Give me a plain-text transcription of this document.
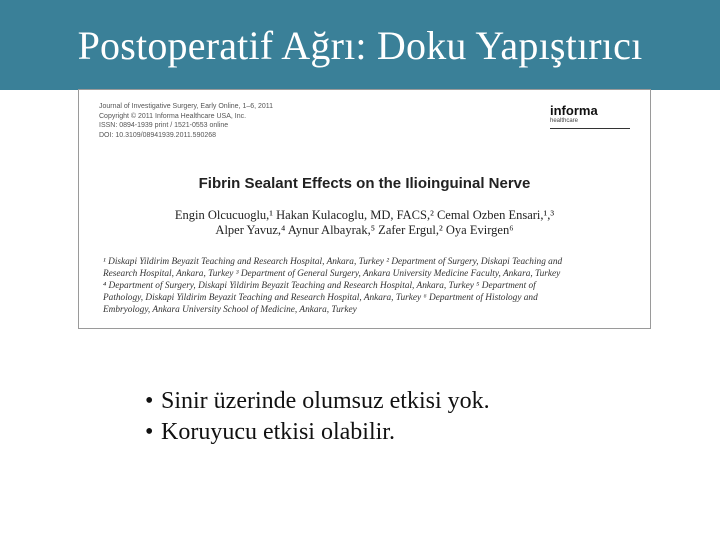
Postoperatif Ağrı: Doku Yapıştırıcı
Journal of Investigative Surgery, Early Online, 1–6, 2011
Copyright © 2011 Informa Healthcare USA, Inc.
ISSN: 0894-1939 print / 1521-0553 online
DOI: 10.3109/08941939.2011.590268
informa
healthcare
Fibrin Sealant Effects on the Ilioinguinal Nerve
Engin Olcucuoglu,¹ Hakan Kulacoglu, MD, FACS,² Cemal Ozben Ensari,¹,³
Alper Yavuz,⁴ Aynur Albayrak,⁵ Zafer Ergul,² Oya Evirgen⁶
¹ Diskapi Yildirim Beyazit Teaching and Research Hospital, Ankara, Turkey ² Department of Surgery, Diskapi Teaching and
Research Hospital, Ankara, Turkey ³ Department of General Surgery, Ankara University Medicine Faculty, Ankara, Turkey
⁴ Department of Surgery, Diskapi Yildirim Beyazit Teaching and Research Hospital, Ankara, Turkey ⁵ Department of
Pathology, Diskapi Yildirim Beyazit Teaching and Research Hospital, Ankara, Turkey ⁶ Department of Histology and
Embryology, Ankara University School of Medicine, Ankara, Turkey
• Sinir üzerinde olumsuz etkisi yok.
• Koruyucu etkisi olabilir.
